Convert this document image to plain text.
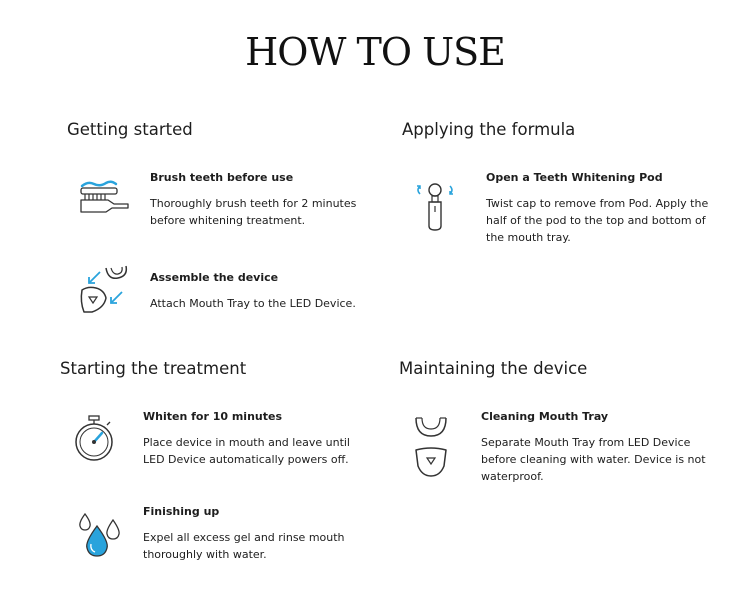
HOW TO USE
Getting started
Brush teeth before use
Thoroughly brush teeth for 2 minutes before whitening treatment.
Assemble the device
Attach Mouth Tray to the LED Device.
Applying the formula
Open a Teeth Whitening Pod
Twist cap to remove from Pod. Apply the half of the pod to the top and bottom of the mouth tray.
Starting the treatment
Whiten for 10 minutes
Place device in mouth and leave until LED Device automatically powers off.
Finishing up
Expel all excess gel and rinse mouth thoroughly with water.
Maintaining the device
Cleaning Mouth Tray
Separate Mouth Tray from LED Device before cleaning with water. Device is not waterproof.
